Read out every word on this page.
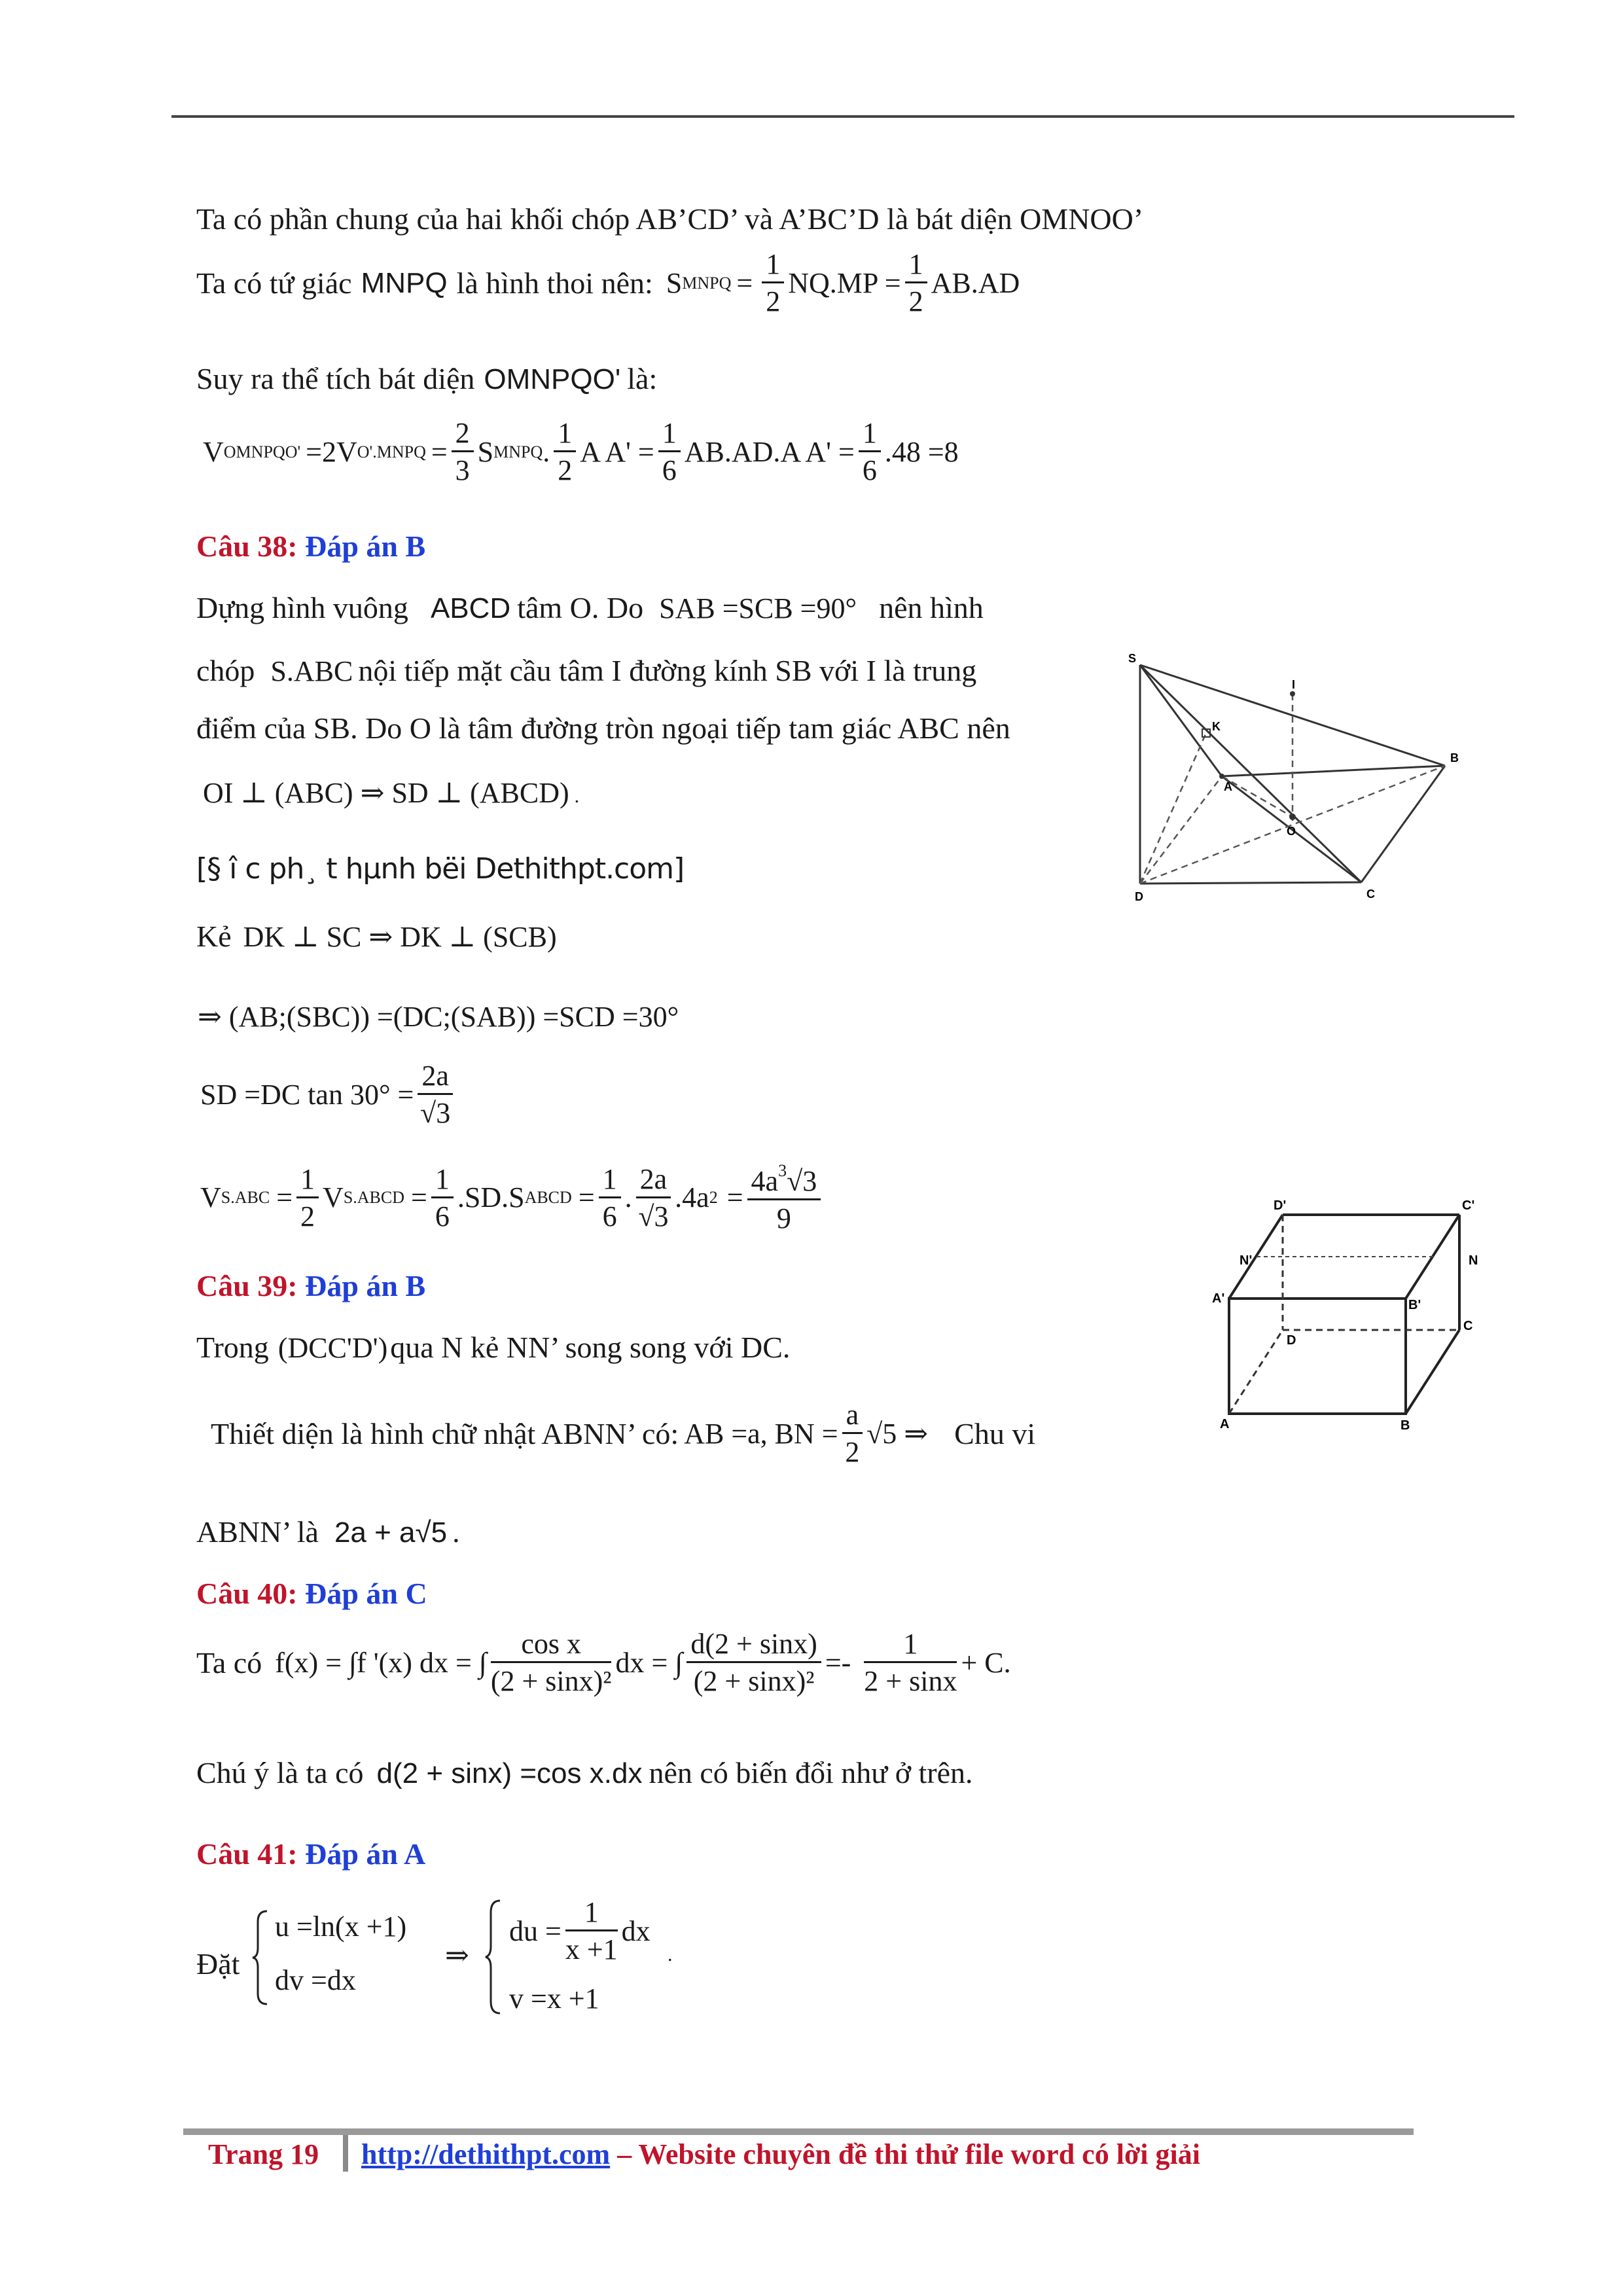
Ta có phần chung của hai khối chóp AB’CD’ và A’BC’D là bát diện OMNOO’
Ta có tứ giác MNPQ là hình thoi nên: S MNPQ = $\frac{1}{2} NQ.MP = \frac{1}{2} AB.AD$
Suy ra thể tích bát diện OMNPQO' là:
V OMNPQO' =2V O'.MNPQ = $\frac{2}{3}$ S MNPQ . $\frac{1}{2}$ A $A' = \frac{1}{6} AB.AD.A$ $A' = \frac{1}{6} .48 =8$
Câu 38: Đáp án B
Dựng hình vuông ABCD tâm O. Do SAB =SCB =90° nên hình
chóp S.ABC nội tiếp mặt cầu tâm I đường kính SB với I là trung
điểm của SB. Do O là tâm đường tròn ngoại tiếp tam giác ABC nên
OI ⊥ (ABC) ⇒ SD ⊥ (ABCD) .
[§ î c ph¸ t hµnh bëi Dethithpt.com]
Kẻ DK ⊥ SC ⇒ DK ⊥ (SCB)
⇒ (AB;(SBC)) =(DC;(SAB)) =SCD =30°
SD =DC $\tan 30^\circ = \frac{2a}{√3}$
V $S.ABC = \frac{1}{2}$ V S.ABCD = $\frac{1}{6} .SD.S$ ABCD = $\frac{1}{6}$ . $\frac{2a}{√3} .4a$ $2 = \frac{4a^3√3}{9}$
S
I
K
A
B
O
D	C
Câu 39: Đáp án B
Trong (DCC'D') qua N kẻ NN’ song song với DC.
Thiết diện là hình chữ nhật ABNN’ có: AB =a, BN = $\frac{a}{2} √5$ ⇒ Chu vi
ABNN’ là 2a + a√5 .
D'	C'
N'	N
A'	B'
D
C
A	B
Câu 40: Đáp án C
Ta có f(x) = ∫f '(x) dx = ∫ $\frac{\text{cos x}}{\text{(2 + sinx)²}}$ dx = ∫ $\frac{d(2 + \sin x)}{\text{(2 + sinx)²}} =- \frac{1}{2 + \sin x} + C$.
Chú ý là ta có d(2 + sinx) =cos x.dx nên có biến đổi như ở trên.
Câu 41: Đáp án A
Đặt
u =ln(x +1)
dv =dx
⇒
du = $\frac{1}{x +1}$ dx
v =x +1
.
Trang 19 http://dethithpt.com – Website chuyên đề thi thử file word có lời giải
